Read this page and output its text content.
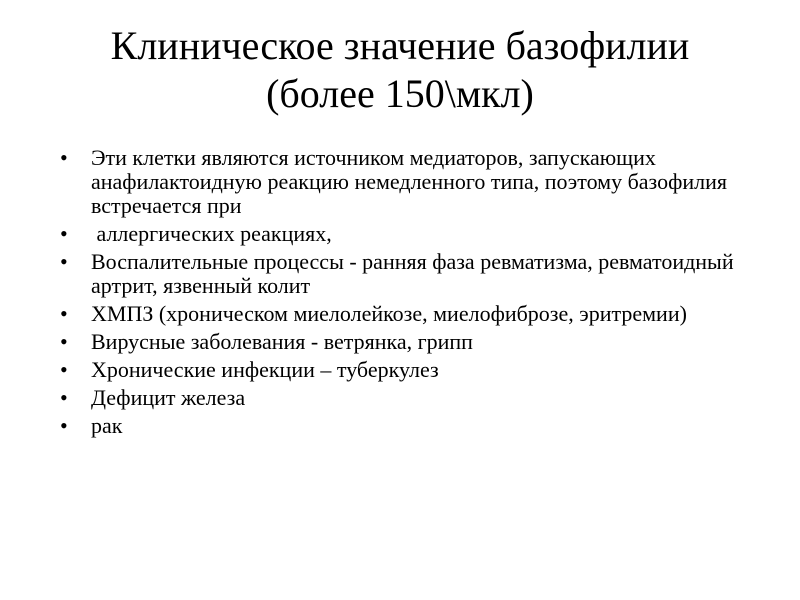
Клиническое значение базофилии
(более 150\мкл)
•	Эти клетки являются источником медиаторов, запускающих анафилактоидную реакцию немедленного типа, поэтому базофилия встречается при
•	аллергических реакциях,
•	Воспалительные процессы - ранняя фаза ревматизма, ревматоидный артрит, язвенный колит
•	ХМПЗ (хроническом миелолейкозе, миелофиброзе, эритремии)
•	Вирусные заболевания - ветрянка, грипп
•	Хронические инфекции – туберкулез
•	Дефицит железа
•	рак
